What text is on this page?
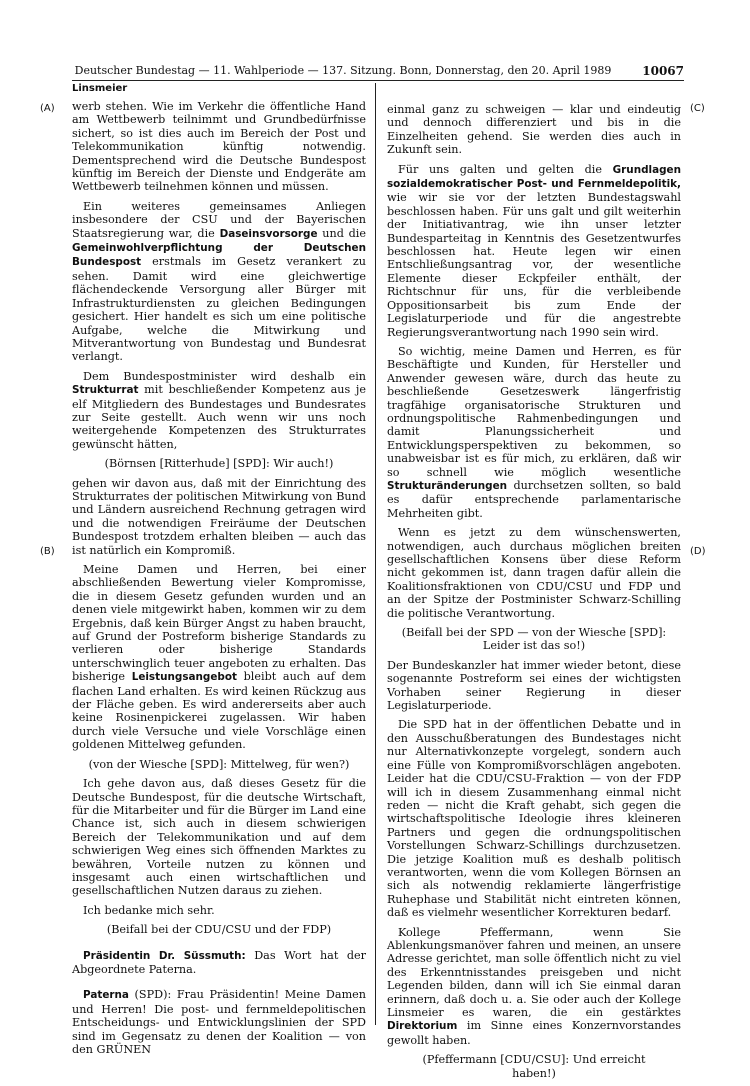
Deutscher Bundestag — 11. Wahlperiode — 137. Sitzung. Bonn, Donnerstag, den 20. April 1989	10067
(A)
(B)
(C)
(D)
Linsmeier

werb stehen. Wie im Verkehr die öffentliche Hand am Wettbewerb teilnimmt und Grundbedürfnisse sichert, so ist dies auch im Bereich der Post und Telekommunikation künftig notwendig. Dementsprechend wird die Deutsche Bundespost künftig im Bereich der Dienste und Endgeräte am Wettbewerb teilnehmen können und müssen.

Ein weiteres gemeinsames Anliegen insbesondere der CSU und der Bayerischen Staatsregierung war, die Daseinsvorsorge und die Gemeinwohlverpflichtung der Deutschen Bundespost erstmals im Gesetz verankert zu sehen. Damit wird eine gleichwertige flächendeckende Versorgung aller Bürger mit Infrastrukturdiensten zu gleichen Bedingungen gesichert. Hier handelt es sich um eine politische Aufgabe, welche die Mitwirkung und Mitverantwortung von Bundestag und Bundesrat verlangt.

Dem Bundespostminister wird deshalb ein Strukturrat mit beschließender Kompetenz aus je elf Mitgliedern des Bundestages und Bundesrates zur Seite gestellt. Auch wenn wir uns noch weitergehende Kompetenzen des Strukturrates gewünscht hätten,

(Börnsen [Ritterhude] [SPD]: Wir auch!)

gehen wir davon aus, daß mit der Einrichtung des Strukturrates der politischen Mitwirkung von Bund und Ländern ausreichend Rechnung getragen wird und die notwendigen Freiräume der Deutschen Bundespost trotzdem erhalten bleiben — auch das ist natürlich ein Kompromiß.

Meine Damen und Herren, bei einer abschließenden Bewertung vieler Kompromisse, die in diesem Gesetz gefunden wurden und an denen viele mitgewirkt haben, kommen wir zu dem Ergebnis, daß kein Bürger Angst zu haben braucht, auf Grund der Postreform bisherige Standards zu verlieren oder bisherige Standards unterschwinglich teuer angeboten zu erhalten. Das bisherige Leistungsangebot bleibt auch auf dem flachen Land erhalten. Es wird keinen Rückzug aus der Fläche geben. Es wird andererseits aber auch keine Rosinenpickerei zugelassen. Wir haben durch viele Versuche und viele Vorschläge einen goldenen Mittelweg gefunden.

(von der Wiesche [SPD]: Mittelweg, für wen?)

Ich gehe davon aus, daß dieses Gesetz für die Deutsche Bundespost, für die deutsche Wirtschaft, für die Mitarbeiter und für die Bürger im Land eine Chance ist, sich auch in diesem schwierigen Bereich der Telekommunikation und auf dem schwierigen Weg eines sich öffnenden Marktes zu bewähren, Vorteile nutzen zu können und insgesamt auch einen wirtschaftlichen und gesellschaftlichen Nutzen daraus zu ziehen.

Ich bedanke mich sehr.

(Beifall bei der CDU/CSU und der FDP)

Präsidentin Dr. Süssmuth: Das Wort hat der Abgeordnete Paterna.

Paterna (SPD): Frau Präsidentin! Meine Damen und Herren! Die post- und fernmeldepolitischen Entscheidungs- und Entwicklungslinien der SPD sind im Gegensatz zu denen der Koalition — von den GRÜNEN

einmal ganz zu schweigen — klar und eindeutig und dennoch differenziert und bis in die Einzelheiten gehend. Sie werden dies auch in Zukunft sein.

Für uns galten und gelten die Grundlagen sozialdemokratischer Post- und Fernmeldepolitik, wie wir sie vor der letzten Bundestagswahl beschlossen haben. Für uns galt und gilt weiterhin der Initiativantrag, wie ihn unser letzter Bundesparteitag in Kenntnis des Gesetzentwurfes beschlossen hat. Heute legen wir einen Entschließungsantrag vor, der wesentliche Elemente dieser Eckpfeiler enthält, der Richtschnur für uns, für die verbleibende Oppositionsarbeit bis zum Ende der Legislaturperiode und für die angestrebte Regierungsverantwortung nach 1990 sein wird.

So wichtig, meine Damen und Herren, es für Beschäftigte und Kunden, für Hersteller und Anwender gewesen wäre, durch das heute zu beschließende Gesetzeswerk längerfristig tragfähige organisatorische Strukturen und ordnungspolitische Rahmenbedingungen und damit Planungssicherheit und Entwicklungsperspektiven zu bekommen, so unabweisbar ist es für mich, zu erklären, daß wir so schnell wie möglich wesentliche Strukturänderungen durchsetzen sollten, so bald es dafür entsprechende parlamentarische Mehrheiten gibt.

Wenn es jetzt zu dem wünschenswerten, notwendigen, auch durchaus möglichen breiten gesellschaftlichen Konsens über diese Reform nicht gekommen ist, dann tragen dafür allein die Koalitionsfraktionen von CDU/CSU und FDP und an der Spitze der Postminister Schwarz-Schilling die politische Verantwortung.

(Beifall bei der SPD — von der Wiesche [SPD]: Leider ist das so!)

Der Bundeskanzler hat immer wieder betont, diese sogenannte Postreform sei eines der wichtigsten Vorhaben seiner Regierung in dieser Legislaturperiode.

Die SPD hat in der öffentlichen Debatte und in den Ausschußberatungen des Bundestages nicht nur Alternativkonzepte vorgelegt, sondern auch eine Fülle von Kompromißvorschlägen angeboten. Leider hat die CDU/CSU-Fraktion — von der FDP will ich in diesem Zusammenhang einmal nicht reden — nicht die Kraft gehabt, sich gegen die wirtschaftspolitische Ideologie ihres kleineren Partners und gegen die ordnungspolitischen Vorstellungen Schwarz-Schillings durchzusetzen. Die jetzige Koalition muß es deshalb politisch verantworten, wenn die vom Kollegen Börnsen an sich als notwendig reklamierte längerfristige Ruhephase und Stabilität nicht eintreten können, daß es vielmehr wesentlicher Korrekturen bedarf.

Kollege Pfeffermann, wenn Sie Ablenkungsmanöver fahren und meinen, an unsere Adresse gerichtet, man solle öffentlich nicht zu viel des Erkenntnisstandes preisgeben und nicht Legenden bilden, dann will ich Sie einmal daran erinnern, daß doch u. a. Sie oder auch der Kollege Linsmeier es waren, die ein gestärktes Direktorium im Sinne eines Konzernvorstandes gewollt haben.

(Pfeffermann [CDU/CSU]: Und erreicht haben!)
